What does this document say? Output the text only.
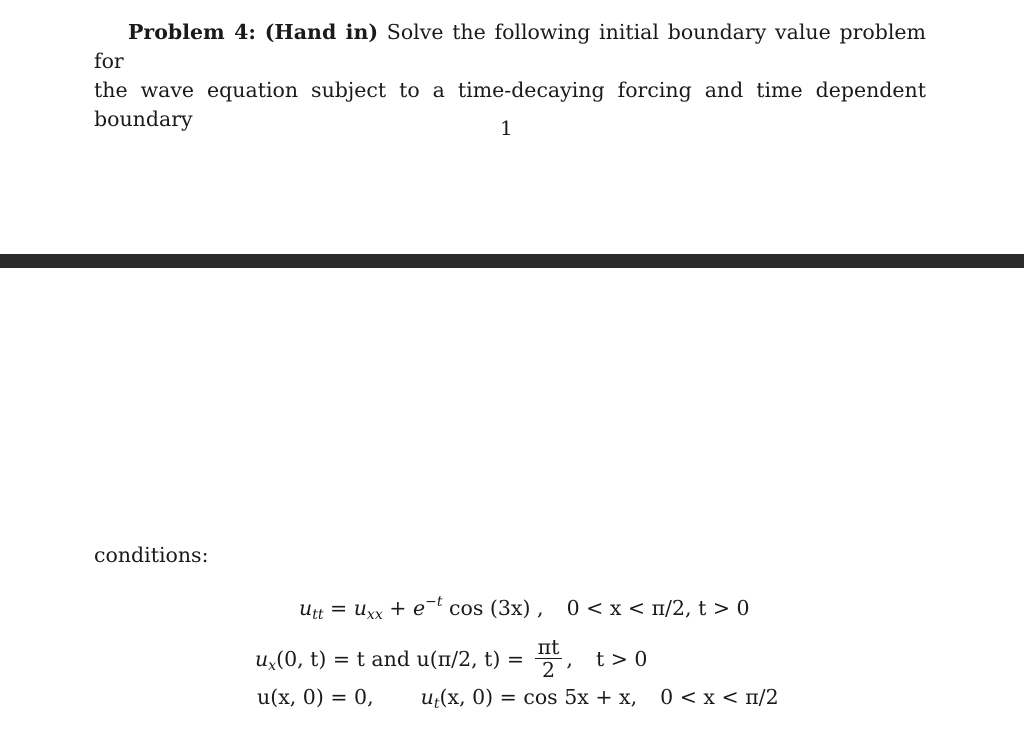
Problem 4: (Hand in) Solve the following initial boundary value problem for
the wave equation subject to a time-decaying forcing and time dependent boundary	1
conditions:
$u_{tt} = u_{xx} + e^{-t}$ cos (3x) , 0 < x < π/2, t > 0
$u_x(0$, t) = t and u(π/2, $t) = \frac{\pi t}{2}$ , t > 0
u(x, 0) = 0, $u_t(x$, 0) = cos 5x + x, 0 < x < π/2
